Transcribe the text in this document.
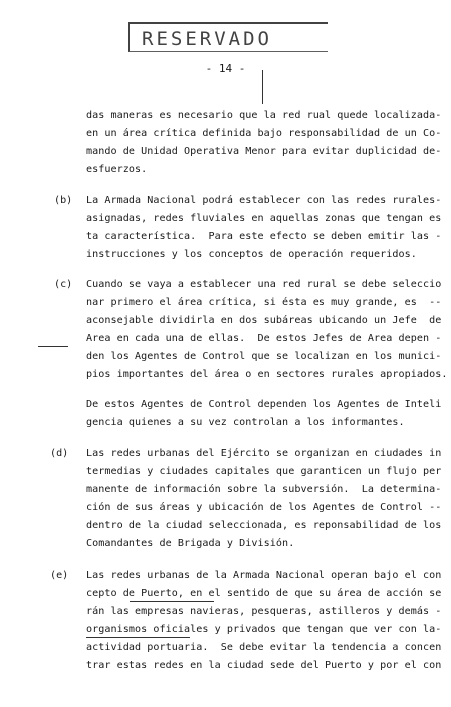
RESERVADO
- 14 -
das maneras es necesario que la red rual quede localizada-
en un área crítica definida bajo responsabilidad de un Co-
mando de Unidad Operativa Menor para evitar duplicidad de-
esfuerzos.
(b) La Armada Nacional podrá establecer con las redes rurales-
asignadas, redes fluviales en aquellas zonas que tengan es
ta característica.  Para este efecto se deben emitir las -
instrucciones y los conceptos de operación requeridos.
(c) Cuando se vaya a establecer una red rural se debe seleccio
nar primero el área crítica, si ésta es muy grande, es  --
aconsejable dividirla en dos subáreas ubicando un Jefe  de
Area en cada una de ellas.  De estos Jefes de Area depen -
den los Agentes de Control que se localizan en los munici-
pios importantes del área o en sectores rurales apropiados.
De estos Agentes de Control dependen los Agentes de Inteli
gencia quienes a su vez controlan a los informantes.
(d) Las redes urbanas del Ejército se organizan en ciudades in
termedias y ciudades capitales que garanticen un flujo per
manente de información sobre la subversión.  La determina-
ción de sus áreas y ubicación de los Agentes de Control --
dentro de la ciudad seleccionada, es reponsabilidad de los
Comandantes de Brigada y División.
(e) Las redes urbanas de la Armada Nacional operan bajo el con
cepto de Puerto, en el sentido de que su área de acción se
rán las empresas navieras, pesqueras, astilleros y demás -
organismos oficiales y privados que tengan que ver con la-
actividad portuaria.  Se debe evitar la tendencia a concen
trar estas redes en la ciudad sede del Puerto y por el con
